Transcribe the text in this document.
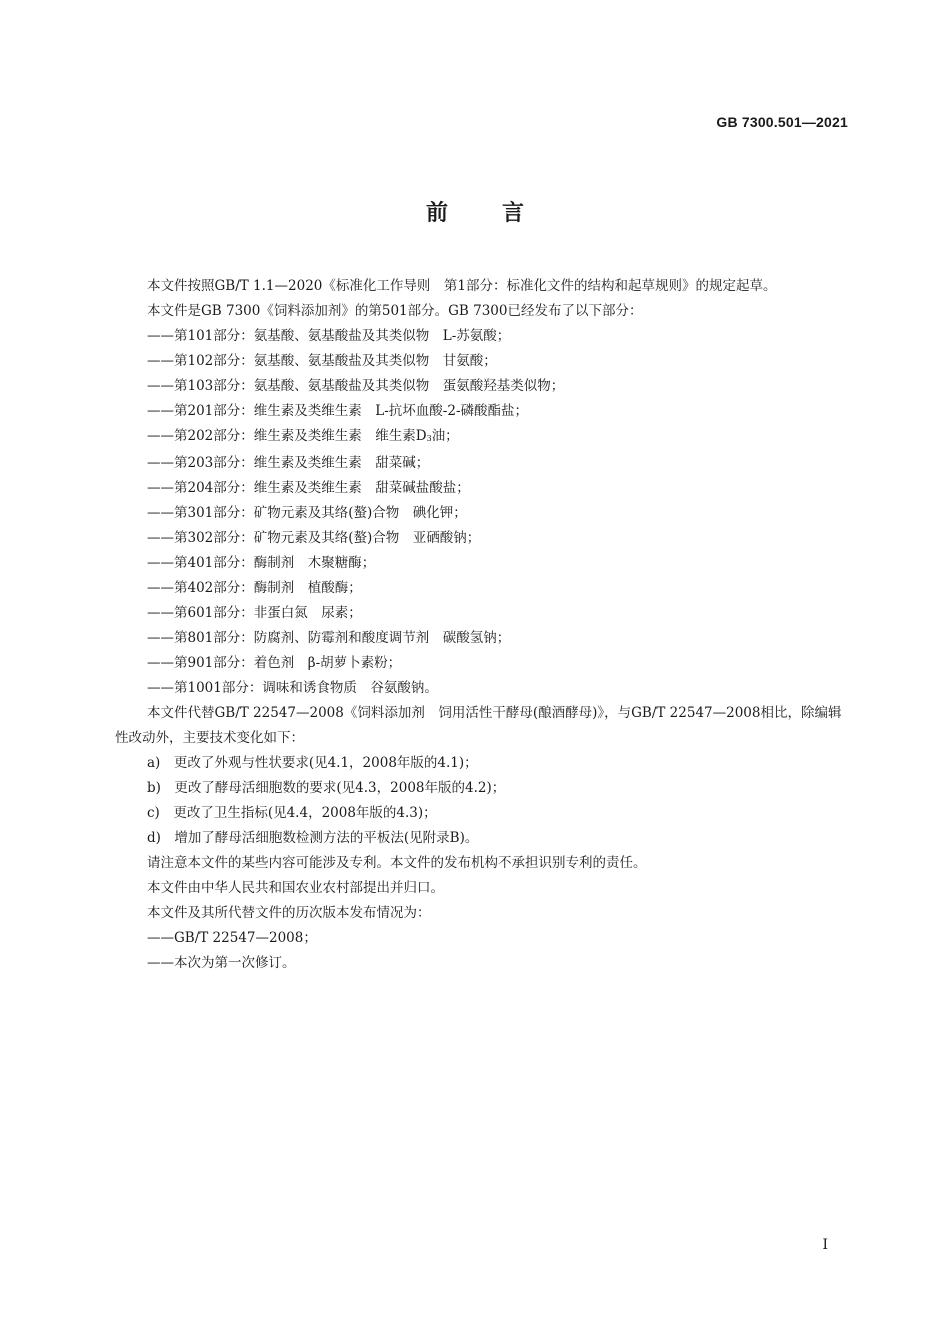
GB 7300.501—2021
前言

本文件按照GB/T 1.1—2020《标准化工作导则　第1部分：标准化文件的结构和起草规则》的规定起草。

本文件是GB 7300《饲料添加剂》的第501部分。GB 7300已经发布了以下部分：

——第101部分：氨基酸、氨基酸盐及其类似物　L-苏氨酸；

——第102部分：氨基酸、氨基酸盐及其类似物　甘氨酸；

——第103部分：氨基酸、氨基酸盐及其类似物　蛋氨酸羟基类似物；

——第201部分：维生素及类维生素　L-抗坏血酸-2-磷酸酯盐；

——第202部分：维生素及类维生素　维生素$D_3$油；

——第203部分：维生素及类维生素　甜菜碱；

——第204部分：维生素及类维生素　甜菜碱盐酸盐；

——第301部分：矿物元素及其络(螯)合物　碘化钾；

——第302部分：矿物元素及其络(螯)合物　亚硒酸钠；

——第401部分：酶制剂　木聚糖酶；

——第402部分：酶制剂　植酸酶；

——第601部分：非蛋白氮　尿素；

——第801部分：防腐剂、防霉剂和酸度调节剂　碳酸氢钠；

——第901部分：着色剂　β-胡萝卜素粉；

——第1001部分：调味和诱食物质　谷氨酸钠。

本文件代替GB/T 22547—2008《饲料添加剂　饲用活性干酵母(酿酒酵母)》，与GB/T 22547—2008相比，除编辑性改动外，主要技术变化如下：

a)　更改了外观与性状要求(见4.1，2008年版的4.1)；

b)　更改了酵母活细胞数的要求(见4.3，2008年版的4.2)；

c)　更改了卫生指标(见4.4，2008年版的4.3)；

d)　增加了酵母活细胞数检测方法的平板法(见附录B)。

请注意本文件的某些内容可能涉及专利。本文件的发布机构不承担识别专利的责任。

本文件由中华人民共和国农业农村部提出并归口。

本文件及其所代替文件的历次版本发布情况为：

——GB/T 22547—2008；

——本次为第一次修订。

I
